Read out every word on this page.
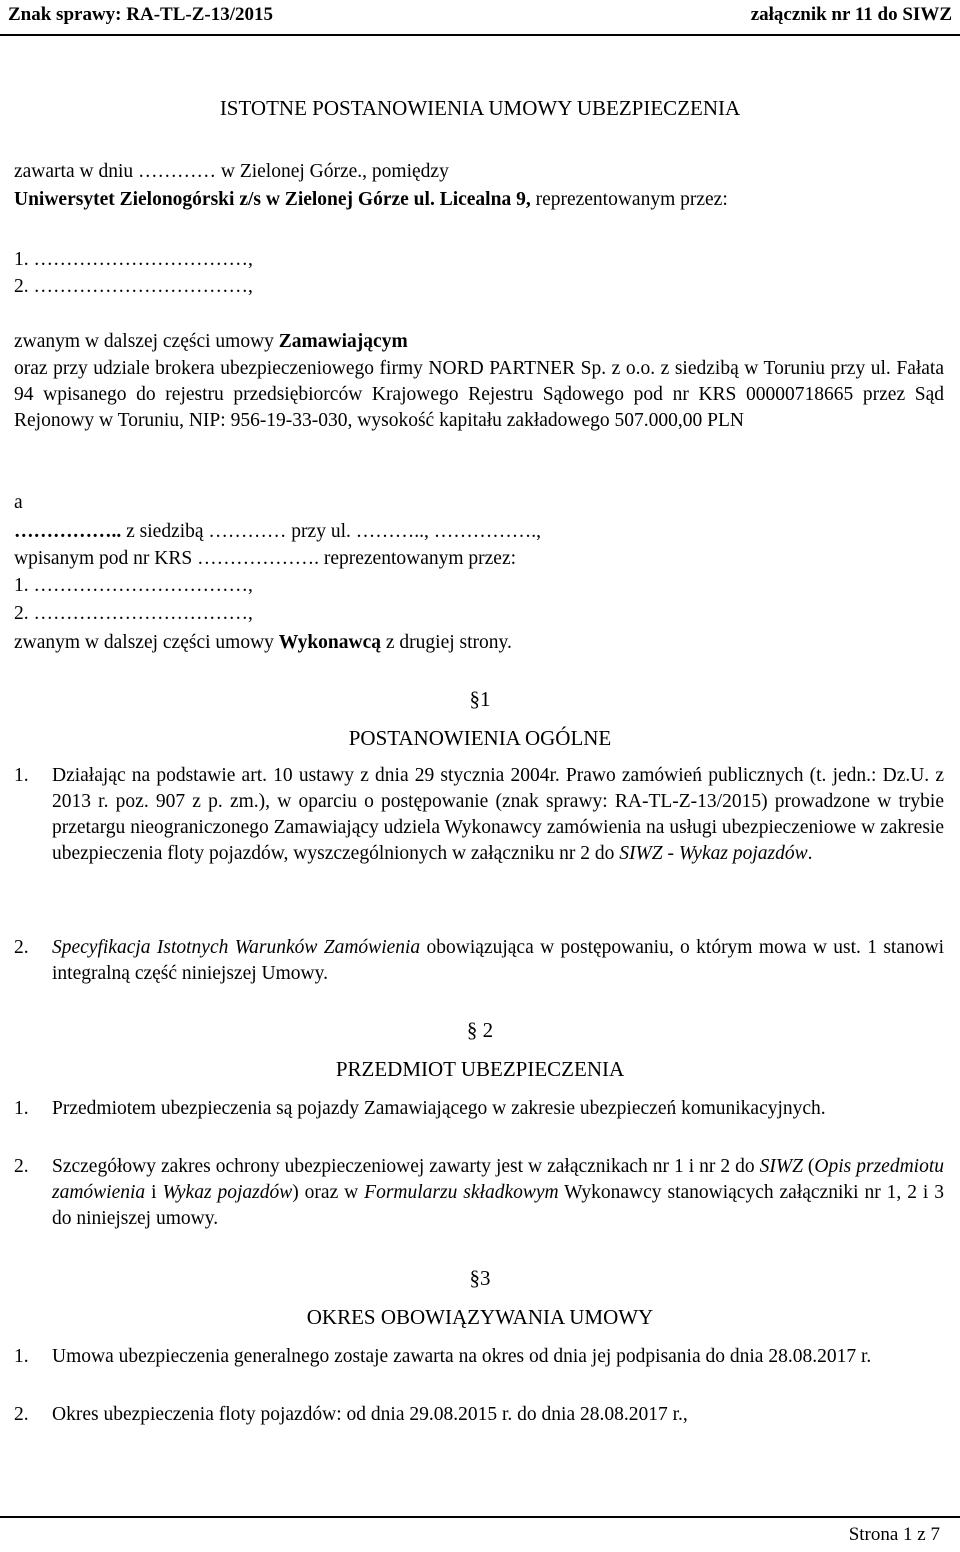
Znak sprawy: RA-TL-Z-13/2015	załącznik nr 11 do SIWZ
ISTOTNE POSTANOWIENIA UMOWY UBEZPIECZENIA
zawarta w dniu ………… w Zielonej Górze., pomiędzy
Uniwersytet Zielonogórski z/s w Zielonej Górze ul. Licealna 9, reprezentowanym przez:
1. ……………………………,
2. ……………………………,
zwanym w dalszej części umowy Zamawiającym
oraz przy udziale brokera ubezpieczeniowego firmy NORD PARTNER Sp. z o.o. z siedzibą w Toruniu przy ul. Fałata 94 wpisanego do rejestru przedsiębiorców Krajowego Rejestru Sądowego pod nr KRS 00000718665 przez Sąd Rejonowy w Toruniu, NIP: 956-19-33-030, wysokość kapitału zakładowego 507.000,00 PLN
a
…………….. z siedzibą ………… przy ul. ……….., …………….,
wpisanym pod nr KRS ………………. reprezentowanym przez:
1. ……………………………,
2. ……………………………,
zwanym w dalszej części umowy Wykonawcą z drugiej strony.
§1
POSTANOWIENIA OGÓLNE
1. Działając na podstawie art. 10 ustawy z dnia 29 stycznia 2004r. Prawo zamówień publicznych (t. jedn.: Dz.U. z 2013 r. poz. 907 z p. zm.), w oparciu o postępowanie (znak sprawy: RA-TL-Z-13/2015) prowadzone w trybie przetargu nieograniczonego Zamawiający udziela Wykonawcy zamówienia na usługi ubezpieczeniowe w zakresie ubezpieczenia floty pojazdów, wyszczególnionych w załączniku nr 2 do SIWZ - Wykaz pojazdów.
2. Specyfikacja Istotnych Warunków Zamówienia obowiązująca w postępowaniu, o którym mowa w ust. 1 stanowi integralną część niniejszej Umowy.
§ 2
PRZEDMIOT UBEZPIECZENIA
1. Przedmiotem ubezpieczenia są pojazdy Zamawiającego w zakresie ubezpieczeń komunikacyjnych.
2. Szczegółowy zakres ochrony ubezpieczeniowej zawarty jest w załącznikach nr 1 i nr 2 do SIWZ (Opis przedmiotu zamówienia i Wykaz pojazdów) oraz w Formularzu składkowym Wykonawcy stanowiących załączniki nr 1, 2 i 3 do niniejszej umowy.
§3
OKRES OBOWIĄZYWANIA UMOWY
1. Umowa ubezpieczenia generalnego zostaje zawarta na okres od dnia jej podpisania do dnia 28.08.2017 r.
2. Okres ubezpieczenia floty pojazdów: od dnia 29.08.2015 r. do dnia 28.08.2017 r.,
Strona 1 z 7
